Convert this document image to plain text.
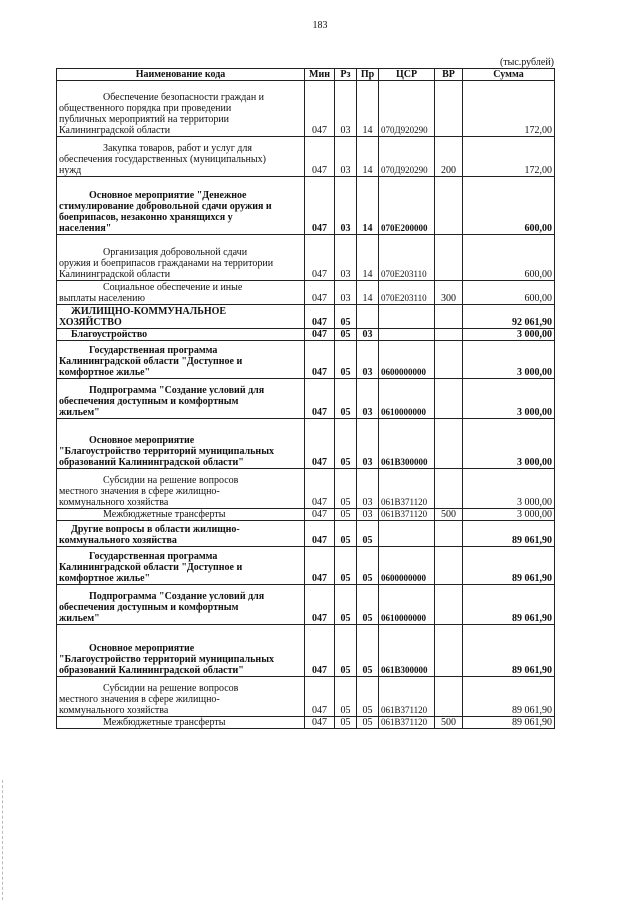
183
(тыс.рублей)
Наименование кода	Мин	Рз	Пр	ЦСР	ВР	Сумма

Обеспечение безопасности граждан и
общественного порядка при проведении
публичных мероприятий на территории
Калининградской области	047	03	14	070Д920290		172,00

Закупка товаров, работ и услуг для
обеспечения государственных (муниципальных)
нужд	047	03	14	070Д920290	200	172,00

Основное мероприятие "Денежное
стимулирование добровольной сдачи оружия и
боеприпасов, незаконно хранящихся у
населения"	047	03	14	070Е200000		600,00

Организация добровольной сдачи
оружия и боеприпасов гражданами на территории
Калининградской области	047	03	14	070Е203110		600,00

Социальное обеспечение и иные
выплаты населению	047	03	14	070Е203110	300	600,00

ЖИЛИЩНО-КОММУНАЛЬНОЕ
ХОЗЯЙСТВО	047	05				92 061,90

Благоустройство	047	05	03			3 000,00

Государственная программа
Калининградской области "Доступное и
комфортное жилье"	047	05	03	0600000000		3 000,00

Подпрограмма "Создание условий для
обеспечения доступным и комфортным
жильем"	047	05	03	0610000000		3 000,00

Основное мероприятие
"Благоустройство территорий муниципальных
образований Калининградской области"	047	05	03	061В300000		3 000,00

Субсидии на решение вопросов
местного значения в сфере жилищно-
коммунального хозяйства	047	05	03	061В371120		3 000,00

Межбюджетные трансферты	047	05	03	061В371120	500	3 000,00

Другие вопросы в области жилищно-
коммунального хозяйства	047	05	05			89 061,90

Государственная программа
Калининградской области "Доступное и
комфортное жилье"	047	05	05	0600000000		89 061,90

Подпрограмма "Создание условий для
обеспечения доступным и комфортным
жильем"	047	05	05	0610000000		89 061,90

Основное мероприятие
"Благоустройство территорий муниципальных
образований Калининградской области"	047	05	05	061В300000		89 061,90

Субсидии на решение вопросов
местного значения в сфере жилищно-
коммунального хозяйства	047	05	05	061В371120		89 061,90

Межбюджетные трансферты	047	05	05	061В371120	500	89 061,90
